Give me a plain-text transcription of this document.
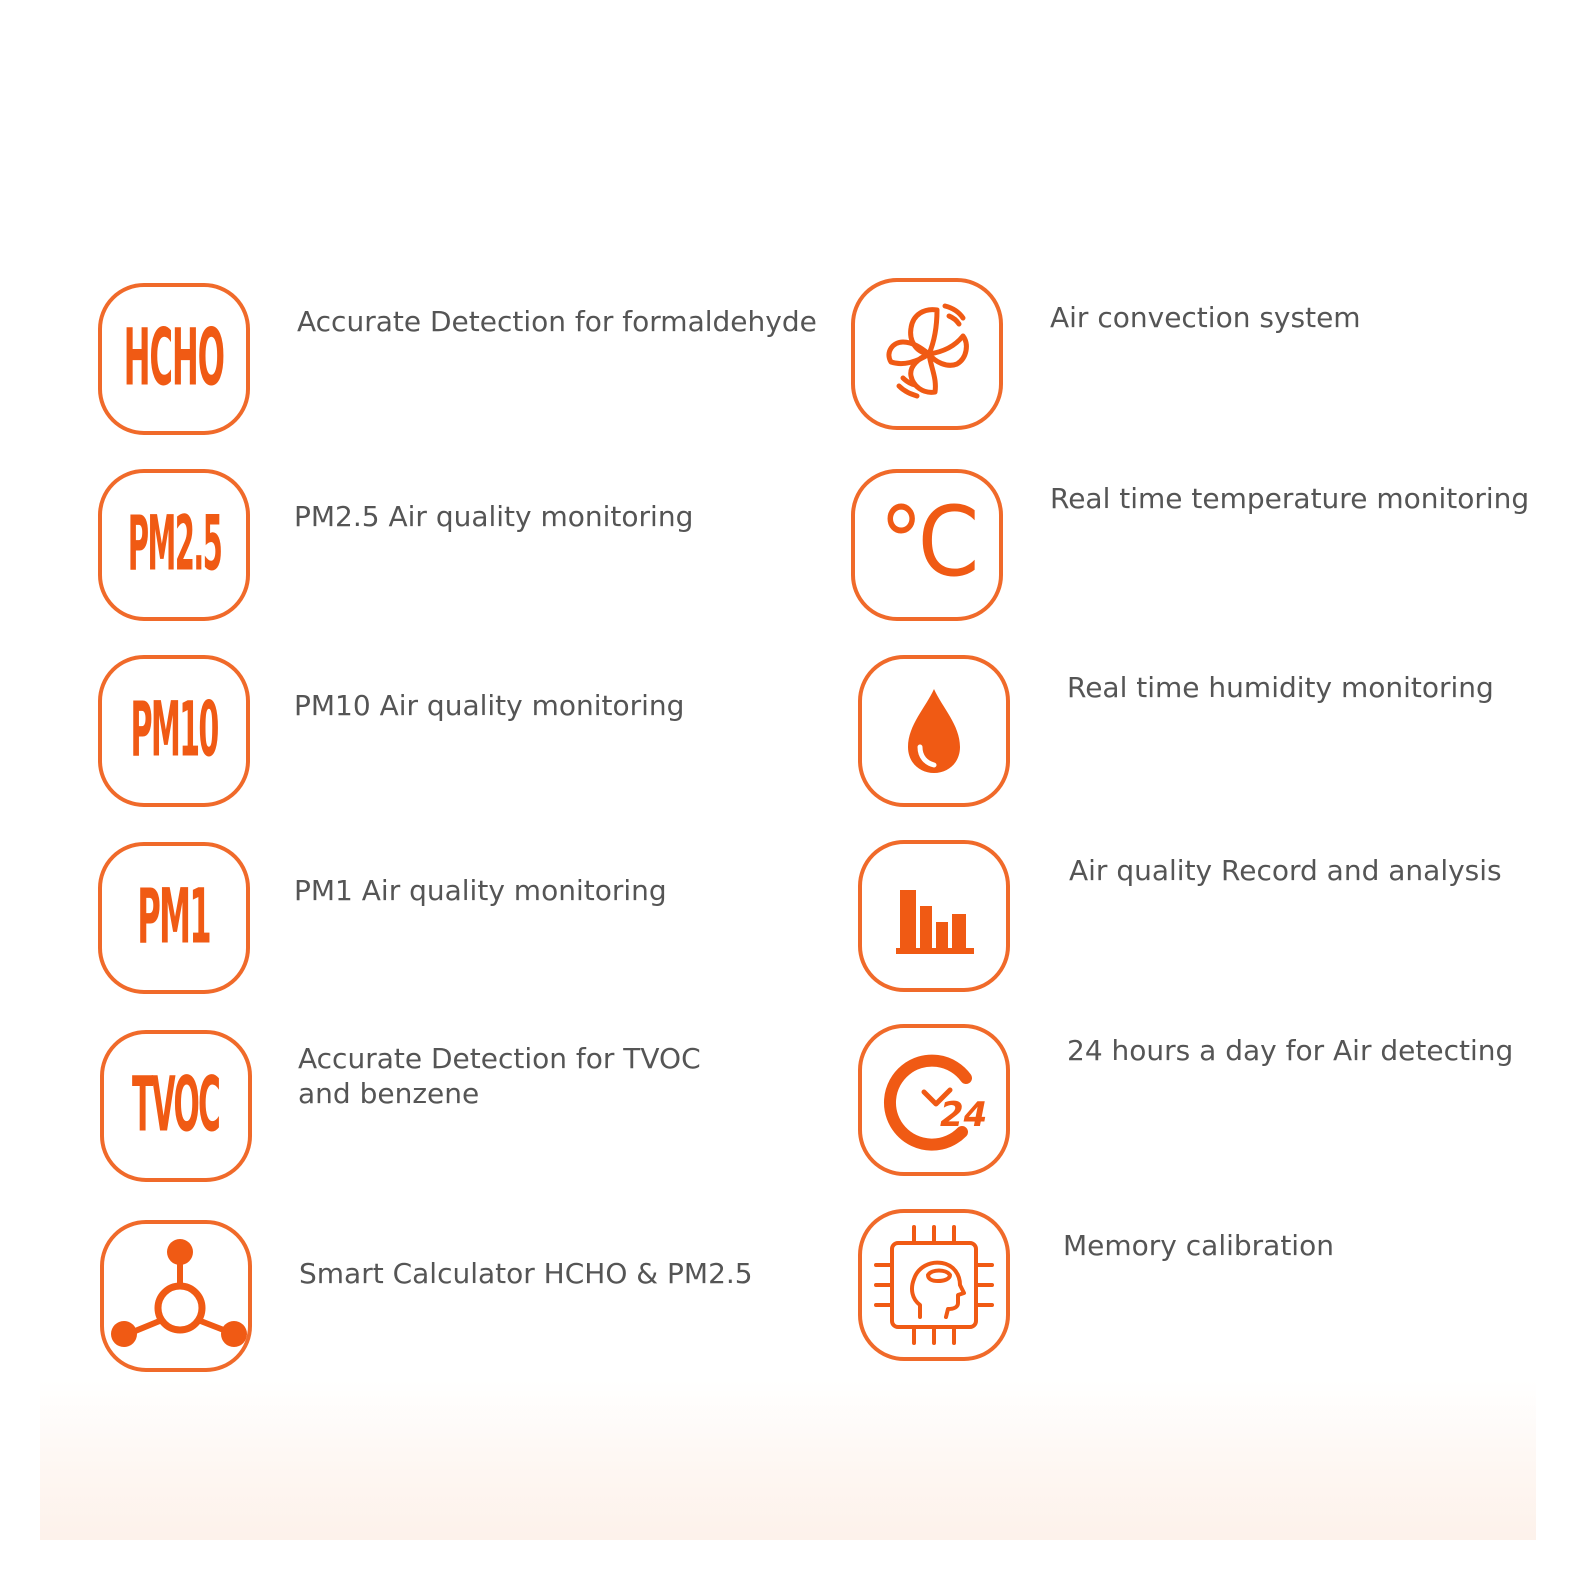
HCHO	Accurate Detection for formaldehyde
PM2.5	PM2.5 Air quality monitoring
PM10	PM10 Air quality monitoring
PM1	PM1 Air quality monitoring
TVOC
Accurate Detection for TVOC
and benzene
Smart Calculator HCHO & PM2.5
Air convection system
°C	Real time temperature monitoring
Real time humidity monitoring
Air quality Record and analysis
24
24 hours a day for Air detecting
Memory calibration
